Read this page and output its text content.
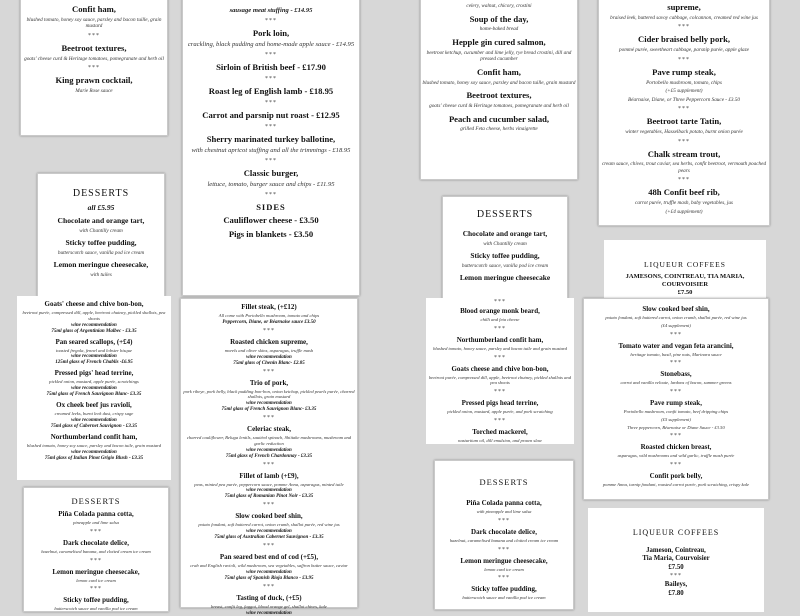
Confit ham,
blushed tomato, honey soy sauce, parsley and bacon tuille, grain mustard
***
Beetroot textures,
goats' cheese curd & Heritage tomatoes, pomegranate and herb oil
***
King prawn cocktail,
Marie Rose sauce
DESSERTS
all £5.95
Chocolate and orange tart,
with Chantilly cream
Sticky toffee pudding,
butterscotch sauce, vanilla pod ice cream
Lemon meringue cheesecake,
with tuiles
Goats' cheese and chive bon-bon,
beetroot purée, compressed dill, apple, beetroot chutney, pickled shallots, pea shoots
wine recommendation
75ml glass of Argentinian Malbec - £3.35
Pan seared scallops, (+£4)
toasted fregola, fennel and lobster bisque
wine recommendation
125ml glass of French Chablis -£6.95
Pressed pigs' head terrine,
pickled onion, mustard, apple purée, scratchings
wine recommendation
75ml glass of French Sauvignon Blanc- £3.35
Ox cheek beef jus ravioli,
creamed leeks, burnt leek dust, crispy sage
wine recommendation
75ml glass of Cabernet Sauvignon - £3.35
Northumberland confit ham,
blushed tomato, honey soy sauce, parsley and bacon tuile, grain mustard
wine recommendation
75ml glass of Italian Pinot Grigio Blush - £3.35
DESSERTS
Piña Colada panna cotta,
pineapple and lime salsa
***
Dark chocolate delice,
hazelnut, caramelised banana, and clotted cream ice cream
***
Lemon meringue cheesecake,
lemon curd ice cream
***
Sticky toffee pudding,
butterscotch sauce and vanilla pod ice cream
sausage meat stuffing - £14.95
***
Pork loin,
crackling, black pudding and home-made apple sauce - £14.95
***
Sirloin of British beef - £17.90
***
Roast leg of English lamb - £18.95
***
Carrot and parsnip nut roast - £12.95
***
Sherry marinated turkey ballotine,
with chestnut apricot stuffing and all the trimmings - £18.95
***
Classic burger,
lettuce, tomato, burger sauce and chips - £11.95
***
SIDES
Cauliflower cheese - £3.50
Pigs in blankets - £3.50
Fillet steak, (+£12)
All come with Portobello mushroom, tomato and chips
Peppercorn, Diane, or Béarnaise sauce £3.50
***
Roasted chicken supreme,
morels and oliver skins, asparagus, truffle mash
wine recommendation
75ml glass of Chenin Blanc- £2.85
***
Trio of pork,
pork ribeye, pork belly, black pudding bon-bon, onion ketchup, pickled pearls purée, charred shallots, grain mustard
wine recommendation
75ml glass of French Sauvignon Blanc- £3.35
***
Celeriac steak,
charred cauliflower, Beluga lentils, sautéed spinach, Shiitake mushrooms, mushroom and garlic reduction
wine recommendation
75ml glass of French Chardonnay - £3.35
***
Fillet of lamb (+£9),
peas, minted pea purée, peppercorn sauce, pomme Anna, asparagus, minted tuile
wine recommendation
75ml glass of Romanian Pinot Noir - £3.35
***
Slow cooked beef shin,
potato fondant, soft buttered carrot, onion crumb, shallot purée, red wine jus
wine recommendation
75ml glass of Australian Cabernet Sauvignon - £3.35
***
Pan seared best end of cod (+£5),
crab and English ravioli, wild mushroom, sea vegetables, saffron butter sauce, caviar
wine recommendation
75ml glass of Spanish Rioja Blanco - £3.95
***
Tasting of duck, (+£5)
breast, confit leg, faggot, blood orange gel, shallot chives, kale
wine recommendation
celery, walnut, chicory, crostini
Soup of the day,
home-baked bread
Hepple gin cured salmon,
beetroot ketchup, cucumber and lime jelly, rye bread crostini, dill and pressed cucumber
Confit ham,
blushed tomato, honey soy sauce, parsley and bacon tuille, grain mustard
Beetroot textures,
goats' cheese curd & Heritage tomatoes, pomegranate and herb oil
Peach and cucumber salad,
grilled Feta cheese, herbs vinaigrette
DESSERTS
Chocolate and orange tart,
with Chantilly cream
Sticky toffee pudding,
butterscotch sauce, vanilla pod ice cream
Lemon meringue cheesecake
***
Blood orange monk beard,
chilli and feta cheese
***
Northumberland confit ham,
blushed tomato, honey sauce, parsley and bacon tuile and grain mustard
***
Goats cheese and chive bon-bon,
beetroot purée, compressed dill, apple, beetroot chutney, pickled shallots and pea shoots
***
Pressed pigs head terrine,
pickled onion, mustard, apple purée, and pork scratching
***
Torched mackerel,
nasturtium oil, dill emulsion, and prawn slaw
DESSERTS
Piña Colada panna cotta,
with pineapple and lime salsa
***
Dark chocolate delice,
hazelnut, caramelised banana and clotted cream ice cream
***
Lemon meringue cheesecake,
lemon curd ice cream
***
Sticky toffee pudding,
butterscotch sauce and vanilla pod ice cream
supreme,
braised leek, buttered savoy cabbage, colcannon, creamed red wine jus
***
Cider braised belly pork,
pommé purée, sweetheart cabbage, parsnip purée, apple glaze
***
Pave rump steak,
Portobello mushroom, tomato, chips
(+£5 supplement)
Béarnaise, Diane, or Three Peppercorn Sauce - £3.50
***
Beetroot tarte Tatin,
winter vegetables, Hasselback potato, burnt onion purée
***
Chalk stream trout,
cream sauce, chives, trout caviar, sea herbs, confit beetroot, vermouth poached pears
***
48h Confit beef rib,
carrot purée, truffle mash, baby vegetables, jus
(+£4 supplement)
LIQUEUR COFFEES
JAMESONS, COINTREAU, TIA MARIA, COURVOISIER
£7.50
Slow cooked beef shin,
potato fondant, soft buttered carrot, onion crumb, shallot purée, red wine jus
(£4 supplement)
***
Tomato water and vegan feta arancini,
heritage tomato, basil, pine nuts, Marinara sauce
***
Stonebass,
carrot and vanilla veloute, lardons of bacon, summer greens
***
Pave rump steak,
Portobello mushroom, confit tomato, beef dripping chips
(£5 supplement)
Three peppercorn, Béarnaise or Diane Sauce - £3.50
***
Roasted chicken breast,
asparagus, wild mushrooms and wild garlic, truffle mash purée
***
Confit pork belly,
pomme Anna, turnip fondant, roasted carrot purée, pork scratching, crispy kale
LIQUEUR COFFEES
Jameson, Cointreau,
Tia Maria, Courvoisier
£7.50
***
Baileys,
£7.80
